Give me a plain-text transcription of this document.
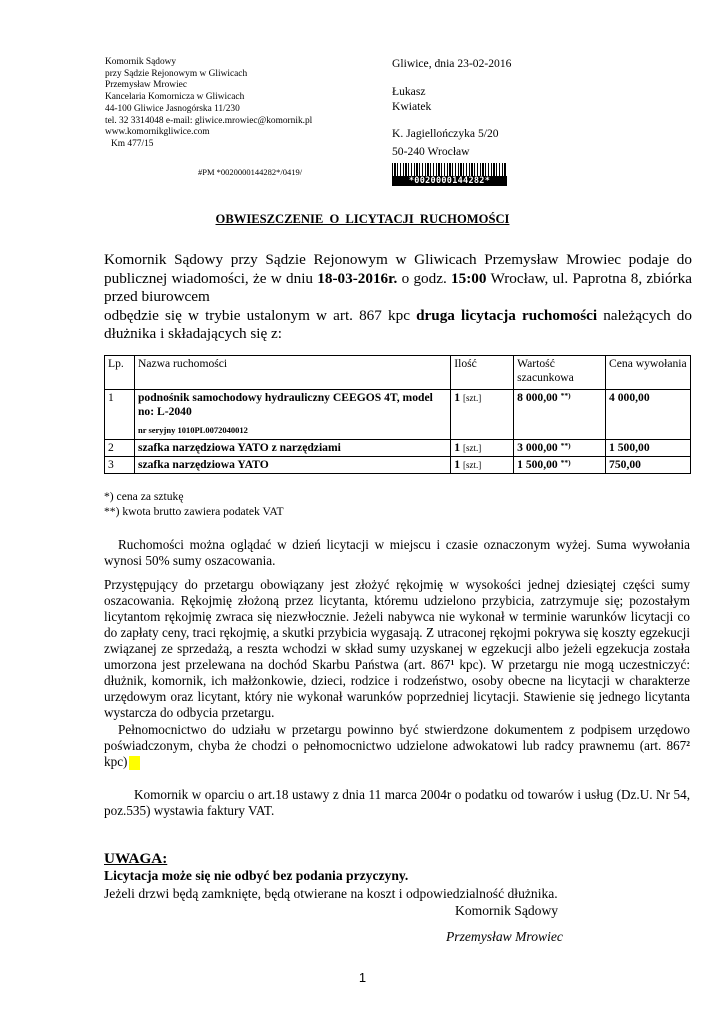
Komornik Sądowy
przy Sądzie Rejonowym w Gliwicach
Przemysław Mrowiec
Kancelaria Komornicza w Gliwicach
44-100 Gliwice Jasnogórska 11/230
tel. 32 3314048 e-mail: gliwice.mrowiec@komornik.pl
www.komornikgliwice.com
Km 477/15
#PM *0020000144282*/0419/
Gliwice, dnia 23-02-2016
Łukasz
Kwiatek
K. Jagiellończyka 5/20
50-240 Wrocław
*0020000144282*
OBWIESZCZENIE O LICYTACJI RUCHOMOŚCI
Komornik Sądowy przy Sądzie Rejonowym w Gliwicach Przemysław Mrowiec podaje do publicznej wiadomości, że w dniu 18-03-2016r. o godz. 15:00 Wrocław, ul. Paprotna 8, zbiórka przed biurowcem
odbędzie się w trybie ustalonym w art. 867 kpc druga licytacja ruchomości należących do dłużnika i składających się z:
Lp.	Nazwa ruchomości	Ilość	Wartość szacunkowa	Cena wywołania
1	podnośnik samochodowy hydrauliczny CEEGOS 4T, model no: L-2040
nr seryjny 1010PL0072040012	1 [szt.]	8 000,00 **)	4 000,00
2	szafka narzędziowa YATO z narzędziami	1 [szt.]	3 000,00 **)	1 500,00
3	szafka narzędziowa YATO	1 [szt.]	1 500,00 **)	750,00
*) cena za sztukę
**) kwota brutto zawiera podatek VAT
Ruchomości można oglądać w dzień licytacji w miejscu i czasie oznaczonym wyżej. Suma wywołania wynosi 50% sumy oszacowania.
Przystępujący do przetargu obowiązany jest złożyć rękojmię w wysokości jednej dziesiątej części sumy oszacowania. Rękojmię złożoną przez licytanta, któremu udzielono przybicia, zatrzymuje się; pozostałym licytantom rękojmię zwraca się niezwłocznie. Jeżeli nabywca nie wykonał w terminie warunków licytacji co do zapłaty ceny, traci rękojmię, a skutki przybicia wygasają. Z utraconej rękojmi pokrywa się koszty egzekucji związanej ze sprzedażą, a reszta wchodzi w skład sumy uzyskanej w egzekucji albo jeżeli egzekucja została umorzona jest przelewana na dochód Skarbu Państwa (art. $867^1$ kpc). W przetargu nie mogą uczestniczyć: dłużnik, komornik, ich małżonkowie, dzieci, rodzice i rodzeństwo, osoby obecne na licytacji w charakterze urzędowym oraz licytant, który nie wykonał warunków poprzedniej licytacji. Stawienie się jednego licytanta wystarcza do odbycia przetargu.
Pełnomocnictwo do udziału w przetargu powinno być stwierdzone dokumentem z podpisem urzędowo poświadczonym, chyba że chodzi o pełnomocnictwo udzielone adwokatowi lub radcy prawnemu (art. $867^2$ kpc)
Komornik w oparciu o art.18 ustawy z dnia 11 marca 2004r o podatku od towarów i usług (Dz.U. Nr 54, poz.535) wystawia faktury VAT.
UWAGA:
Licytacja może się nie odbyć bez podania przyczyny.
Jeżeli drzwi będą zamknięte, będą otwierane na koszt i odpowiedzialność dłużnika.
Komornik Sądowy
Przemysław Mrowiec
1
